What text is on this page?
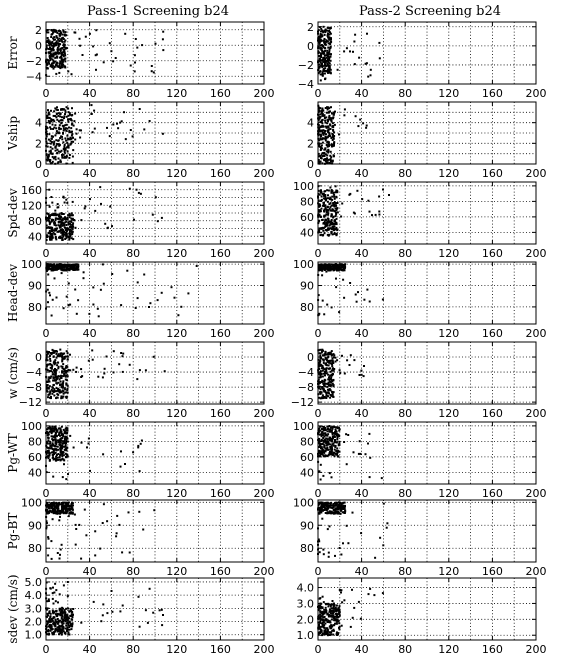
Pass-1 Screening b24	Pass-2 Screening b24
0	40	80 120 160 200
−4
−2
0
2
Error
0	40	80 120 160 200
−4
−2
0
2
0	40	80 120 160 200
0
2
4
Vship
0	40	80 120 160 200
0
2
4
0	40	80 120 160 200
40
80
120
160
Spd-dev
0	40	80 120 160 200
40
60
80
100
0	40	80 120 160 200
80
90
100
Head-dev
0	40	80 120 160 200
80
90
100
0	40	80 120 160 200
−12
−8
−4
0
w (cm/s)
0	40	80 120 160 200
−12
−8
−4
0
0	40	80 120 160 200
40
60
80
100
Pg-WT
0	40	80 120 160 200
40
60
80
100
0	40	80 120 160 200
80
90
100
Pg-BT
0	40	80 120 160 200
80
90
100
0	40	80 120 160 200
1.0
2.0
3.0
4.0
5.0
sdev (cm/s)
0	40	80 120 160 200
1.0
2.0
3.0
4.0
